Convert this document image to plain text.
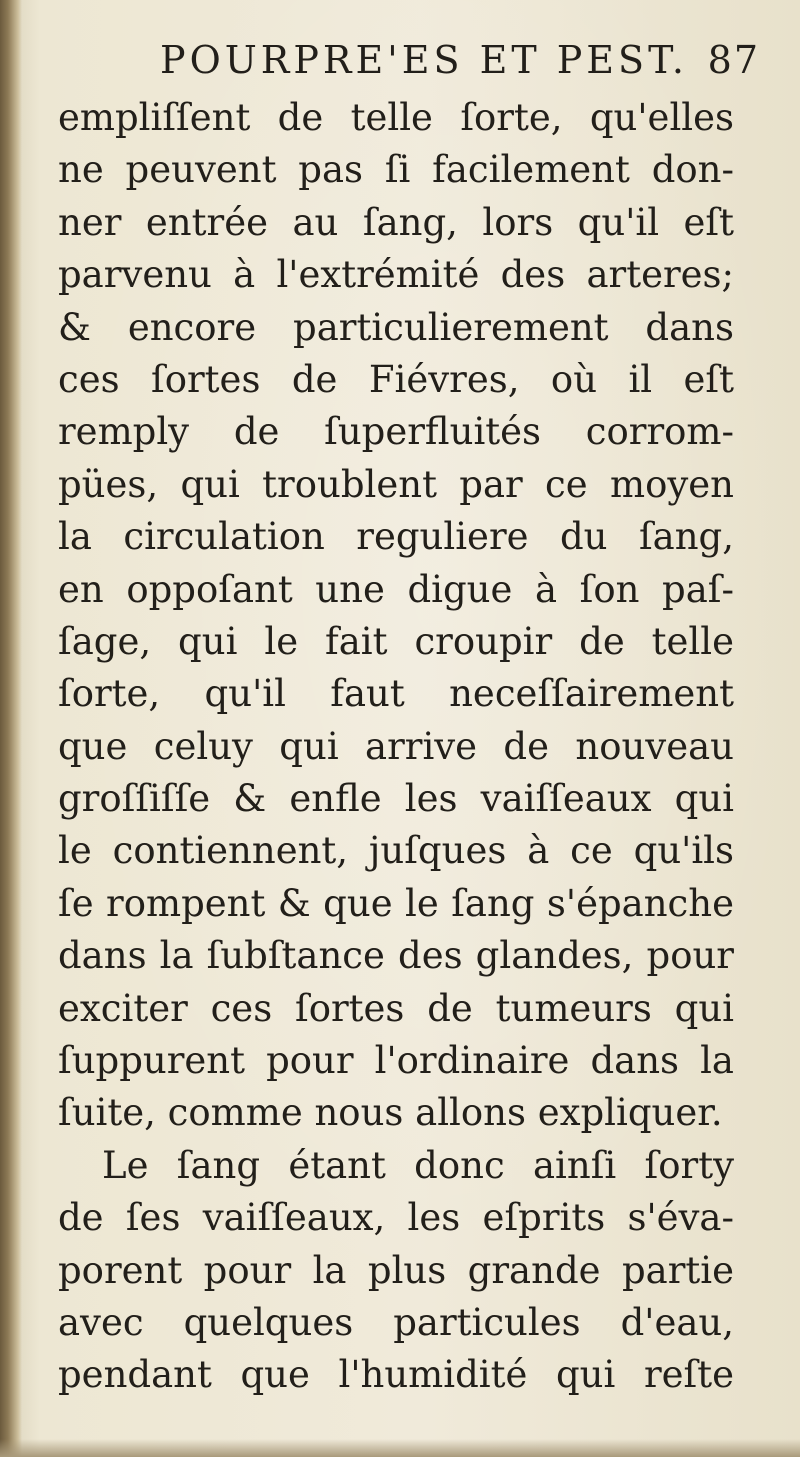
POURPRE'ES ET PEST. 87
empliſſent de telle ſorte, qu'elles
ne peuvent pas ſi facilement don-
ner entrée au ſang, lors qu'il eſt
parvenu à l'extrémité des arteres;
& encore particulierement dans
ces ſortes de Fiévres, où il eſt
remply de ſuperfluités corrom-
pües, qui troublent par ce moyen
la circulation reguliere du ſang,
en oppoſant une digue à ſon paſ-
ſage, qui le fait croupir de telle
ſorte, qu'il faut neceſſairement
que celuy qui arrive de nouveau
groſſiſſe & enfle les vaiſſeaux qui
le contiennent, juſques à ce qu'ils
ſe rompent & que le ſang s'épanche
dans la ſubſtance des glandes, pour
exciter ces ſortes de tumeurs qui
ſuppurent pour l'ordinaire dans la
ſuite, comme nous allons expliquer.
Le ſang étant donc ainſi ſorty
de ſes vaiſſeaux, les eſprits s'éva-
porent pour la plus grande partie
avec quelques particules d'eau,
pendant que l'humidité qui reſte
